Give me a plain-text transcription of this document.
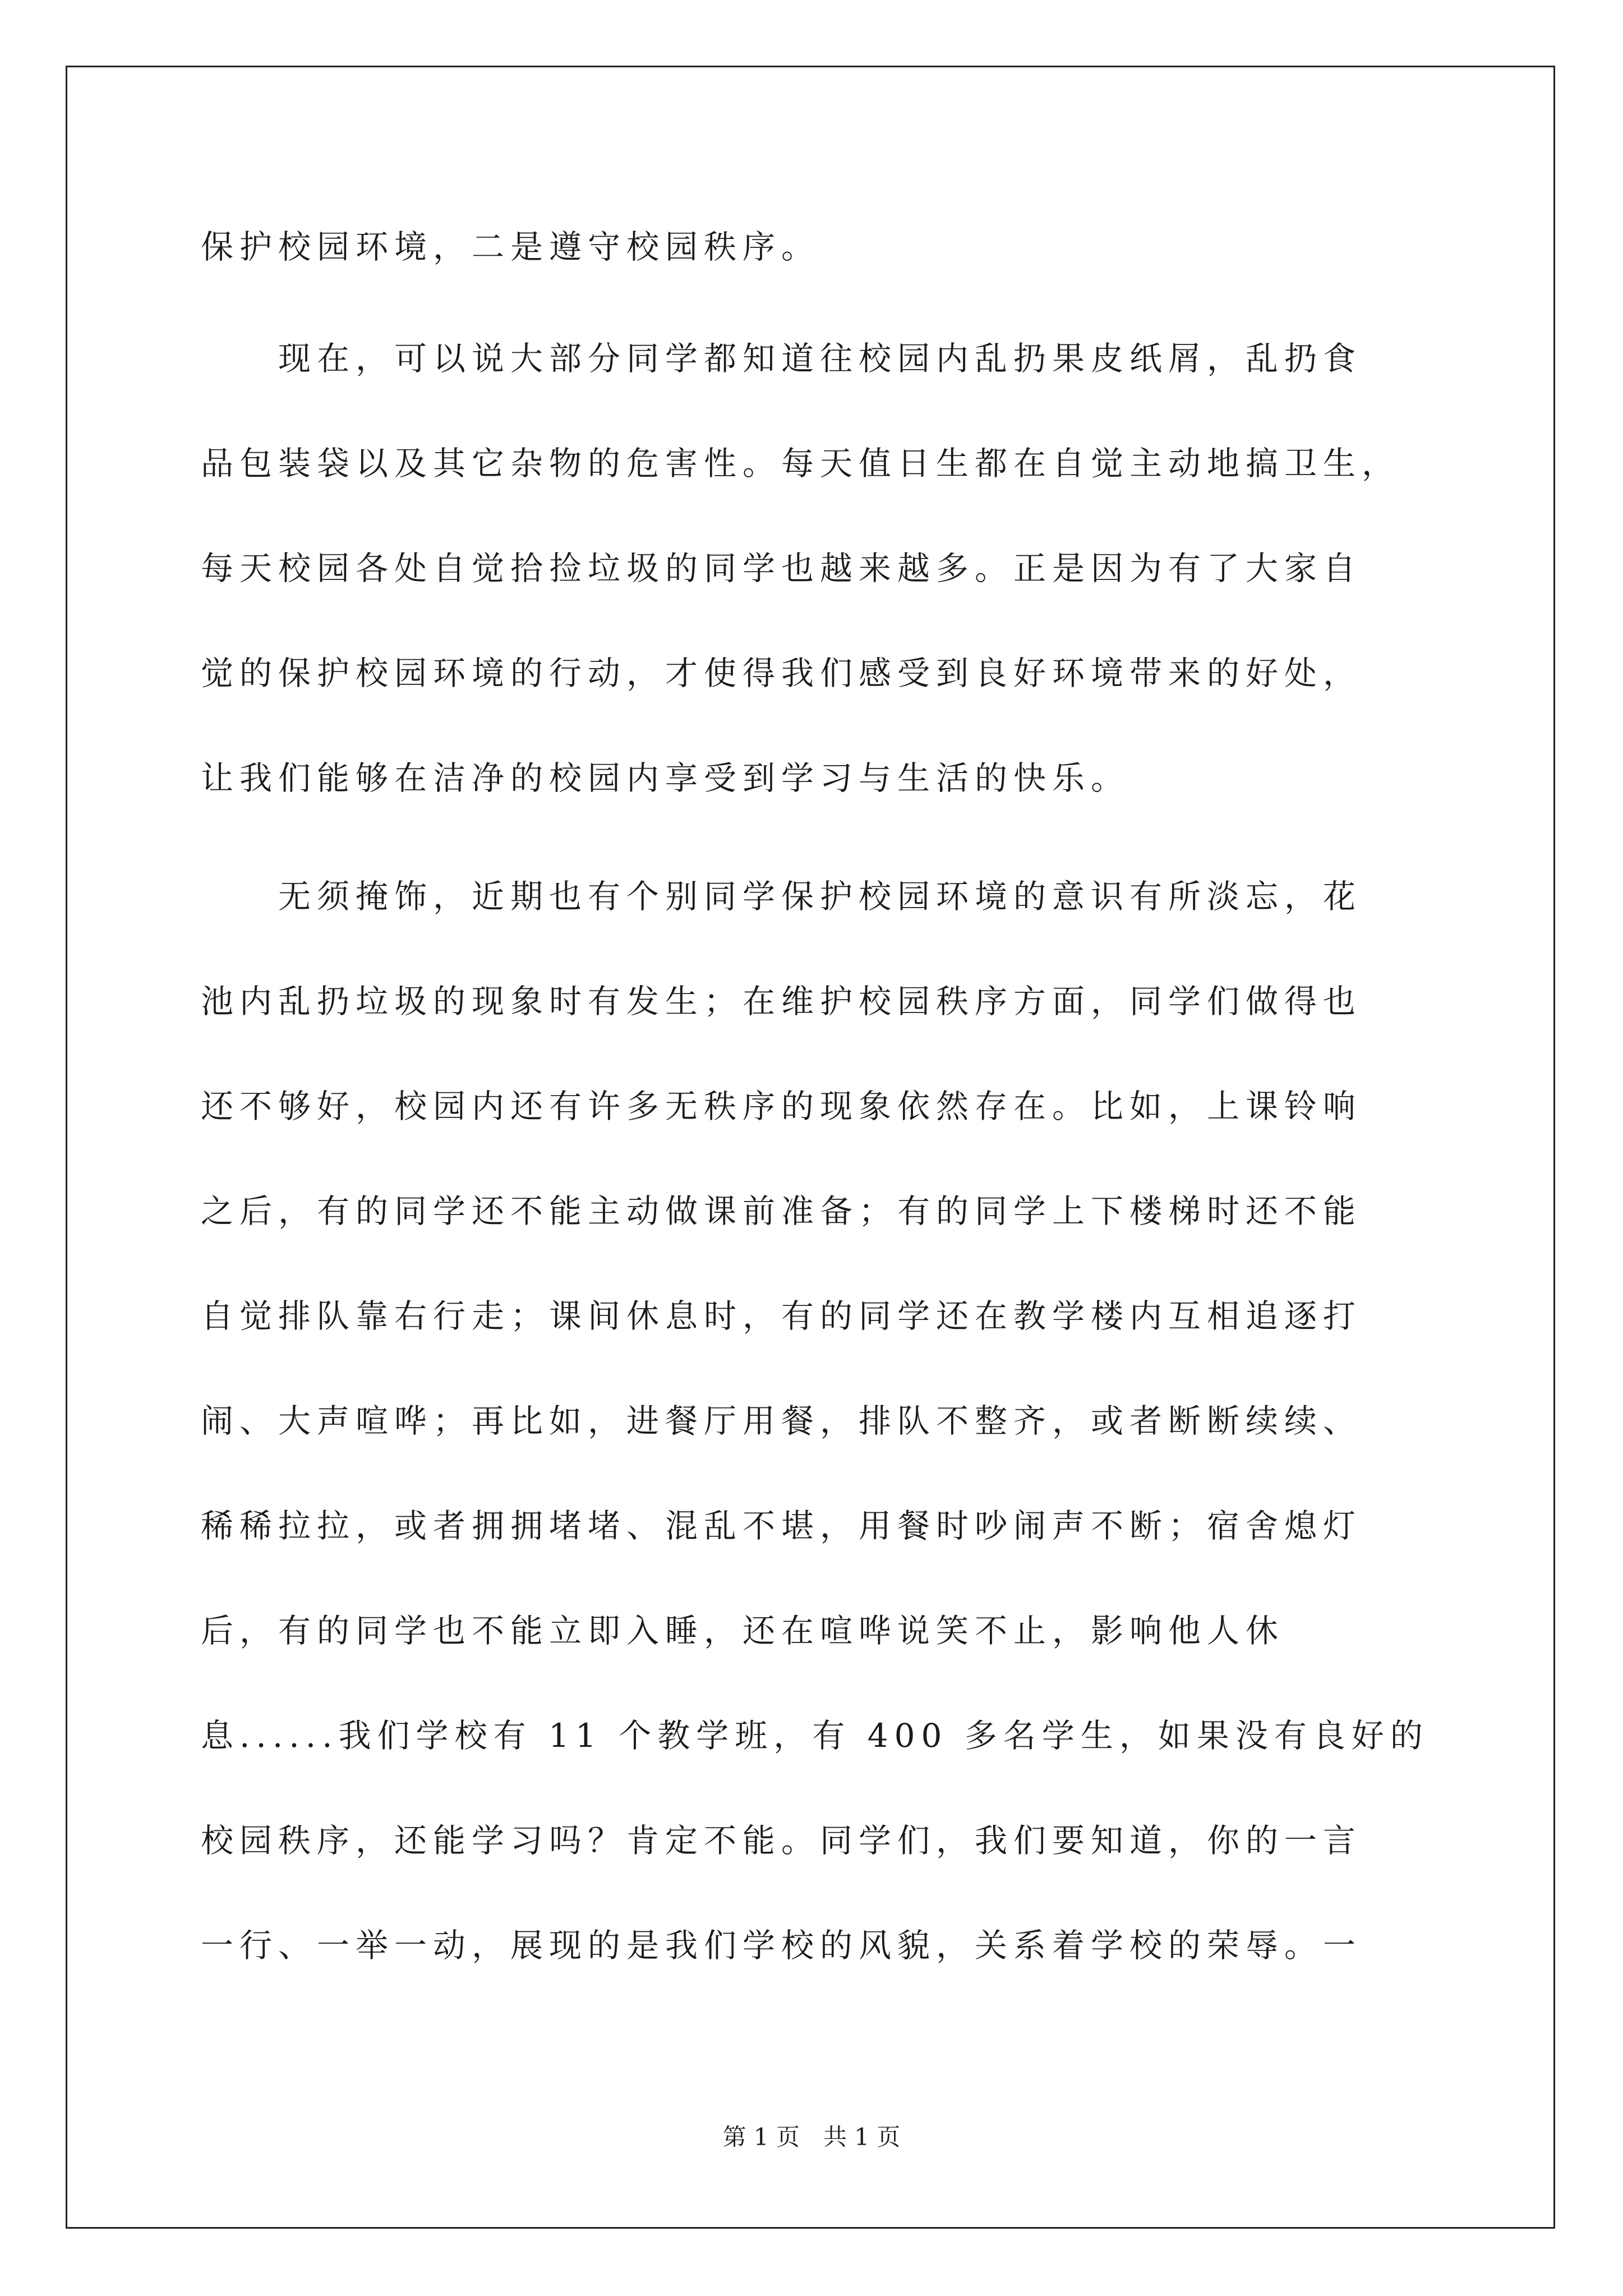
保护校园环境，二是遵守校园秩序。
　　现在，可以说大部分同学都知道往校园内乱扔果皮纸屑，乱扔食
品包装袋以及其它杂物的危害性。每天值日生都在自觉主动地搞卫生，
每天校园各处自觉拾捡垃圾的同学也越来越多。正是因为有了大家自
觉的保护校园环境的行动，才使得我们感受到良好环境带来的好处，
让我们能够在洁净的校园内享受到学习与生活的快乐。
　　无须掩饰，近期也有个别同学保护校园环境的意识有所淡忘，花
池内乱扔垃圾的现象时有发生；在维护校园秩序方面，同学们做得也
还不够好，校园内还有许多无秩序的现象依然存在。比如，上课铃响
之后，有的同学还不能主动做课前准备；有的同学上下楼梯时还不能
自觉排队靠右行走；课间休息时，有的同学还在教学楼内互相追逐打
闹、大声喧哗；再比如，进餐厅用餐，排队不整齐，或者断断续续、
稀稀拉拉，或者拥拥堵堵、混乱不堪，用餐时吵闹声不断；宿舍熄灯
后，有的同学也不能立即入睡，还在喧哗说笑不止，影响他人休
息......我们学校有 11 个教学班，有 400 多名学生，如果没有良好的
校园秩序，还能学习吗？肯定不能。同学们，我们要知道，你的一言
一行、一举一动，展现的是我们学校的风貌，关系着学校的荣辱。一
第 1 页　共 1 页
